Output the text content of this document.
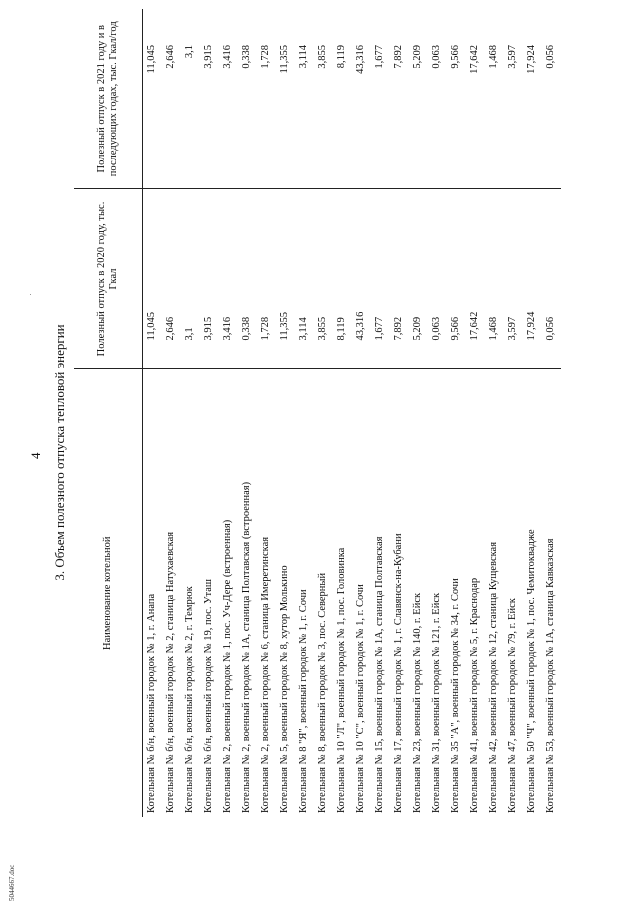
5044667.doc
4 3. Объем полезного отпуска тепловой энергии
Наименование котельной	Полезный отпуск в 2020 году, тыс. Гкал	Полезный отпуск в 2021 году и в последующих годах, тыс. Гкал/год
Котельная № б/н, военный городок № 1, г. Анапа	11,045	11,045
Котельная № б/н, военный городок № 2, станица Натухаевская	2,646	2,646
Котельная № б/н, военный городок № 2, г. Темрюк	3,1	3,1
Котельная № б/н, военный городок № 19, пос. Уташ	3,915	3,915
Котельная № 2, военный городок № 1, пос. Уч-Дере (встроенная)	3,416	3,416
Котельная № 2, военный городок № 1А, станица Полтавская (встроенная)	0,338	0,338
Котельная № 2, военный городок № 6, станица Имеретинская	1,728	1,728
Котельная № 5, военный городок № 8, хутор Молькино	11,355	11,355
Котельная № 8 "Я", военный городок № 1, г. Сочи	3,114	3,114
Котельная № 8, военный городок № 3, пос. Северный	3,855	3,855
Котельная № 10 "Л", военный городок № 1, пос. Головинка	8,119	8,119
Котельная № 10 "С", военный городок № 1, г. Сочи	43,316	43,316
Котельная № 15, военный городок № 1А, станица Полтавская	1,677	1,677
Котельная № 17, военный городок № 1, г. Славянск-на-Кубани	7,892	7,892
Котельная № 23, военный городок № 140, г. Ейск	5,209	5,209
Котельная № 31, военный городок № 121, г. Ейск	0,063	0,063
Котельная № 35 "А", военный городок № 34, г. Сочи	9,566	9,566
Котельная № 41, военный городок № 5, г. Краснодар	17,642	17,642
Котельная № 42, военный городок № 12, станица Кущевская	1,468	1,468
Котельная № 47, военный городок № 79, г. Ейск	3,597	3,597
Котельная № 50 "Ч", военный городок № 1, пос. Чемитоквадже	17,924	17,924
Котельная № 53, военный городок № 1А, станица Кавказская	0,056	0,056
